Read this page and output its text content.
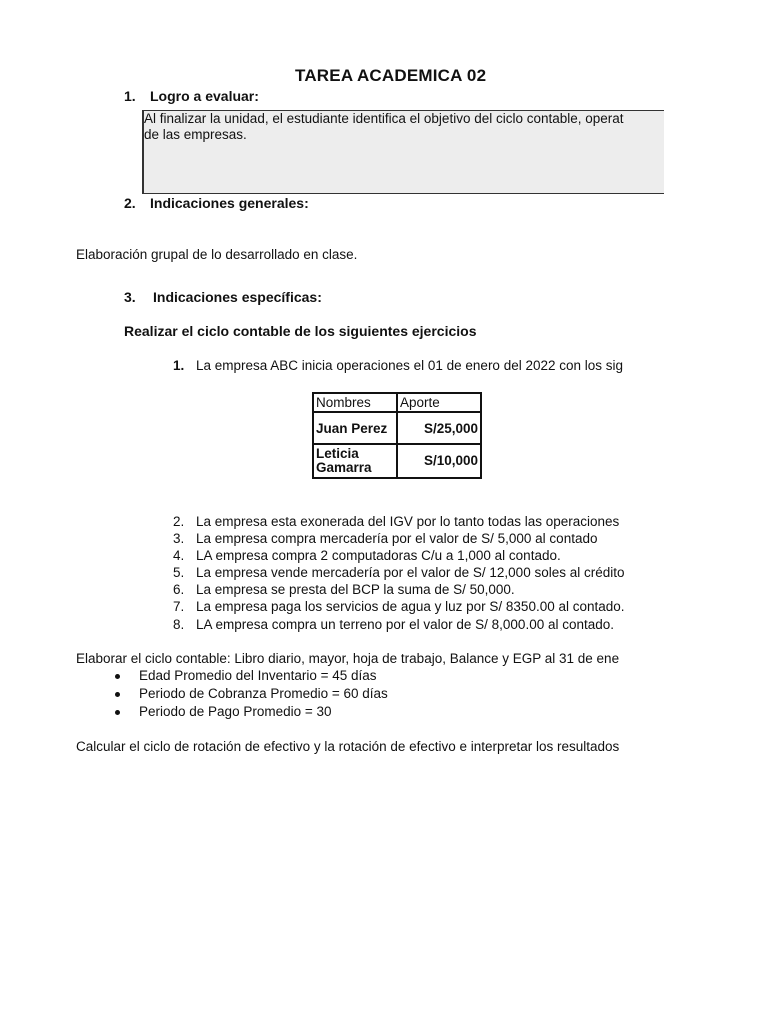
TAREA ACADEMICA 02
1. Logro a evaluar:
Al finalizar la unidad, el estudiante identifica el objetivo del ciclo contable, operat
de las empresas.
2. Indicaciones generales:
Elaboración grupal de lo desarrollado en clase.
3. Indicaciones específicas:
Realizar el ciclo contable de los siguientes ejercicios
1. La empresa ABC inicia operaciones el 01 de enero del 2022 con los sig
Nombres	Aporte
Juan Perez	S/25,000

Leticia
Gamarra	S/10,000
2. La empresa esta exonerada del IGV por lo tanto todas las operaciones
3. La empresa compra mercadería por el valor de S/ 5,000 al contado
4. LA empresa compra 2 computadoras C/u a 1,000 al contado.
5. La empresa vende mercadería por el valor de S/ 12,000 soles al crédito
6. La empresa se presta del BCP la suma de S/ 50,000.
7. La empresa paga los servicios de agua y luz por S/ 8350.00 al contado.
8. LA empresa compra un terreno por el valor de S/ 8,000.00 al contado.
Elaborar el ciclo contable: Libro diario, mayor, hoja de trabajo, Balance y EGP al 31 de ene
Edad Promedio del Inventario = 45 días
Periodo de Cobranza Promedio = 60 días
Periodo de Pago Promedio = 30
Calcular el ciclo de rotación de efectivo y la rotación de efectivo e interpretar los resultados
